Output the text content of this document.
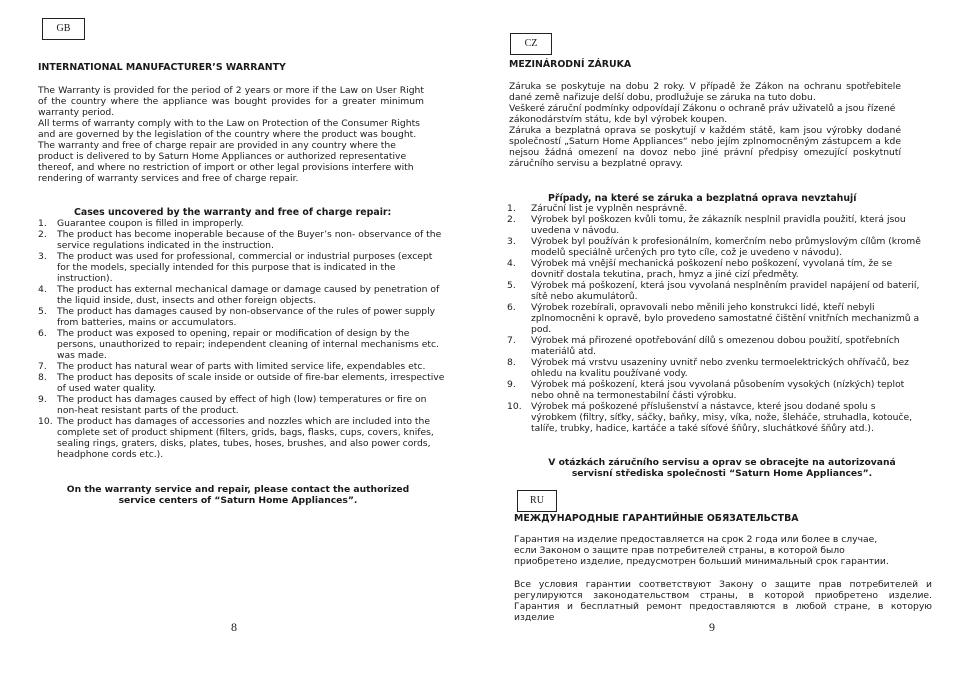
GB
INTERNATIONAL MANUFACTURER’S WARRANTY

The Warranty is provided for the period of 2 years or more if the Law on User Right of the country where the appliance was bought provides for a greater minimum warranty period.

All terms of warranty comply with to the Law on Protection of the Consumer Rights and are governed by the legislation of the country where the product was bought.

The warranty and free of charge repair are provided in any country where the product is delivered to by Saturn Home Appliances or authorized representative thereof, and where no restriction of import or other legal provisions interfere with rendering of warranty services and free of charge repair.

Cases uncovered by the warranty and free of charge repair:
1. Guarantee coupon is filled in improperly.
2. The product has become inoperable because of the Buyer’s non- observance of the service regulations indicated in the instruction.
3. The product was used for professional, commercial or industrial purposes (except for the models, specially intended for this purpose that is indicated in the instruction).
4. The product has external mechanical damage or damage caused by penetration of the liquid inside, dust, insects and other foreign objects.
5. The product has damages caused by non-observance of the rules of power supply from batteries, mains or accumulators.
6. The product was exposed to opening, repair or modification of design by the persons, unauthorized to repair; independent cleaning of internal mechanisms etc. was made.
7. The product has natural wear of parts with limited service life, expendables etc.
8. The product has deposits of scale inside or outside of fire-bar elements, irrespective of used water quality.
9. The product has damages caused by effect of high (low) temperatures or fire on non-heat resistant parts of the product.
10. The product has damages of accessories and nozzles which are included into the complete set of product shipment (filters, grids, bags, flasks, cups, covers, knifes, sealing rings, graters, disks, plates, tubes, hoses, brushes, and also power cords, headphone cords etc.).

On the warranty service and repair, please contact the authorized service centers of “Saturn Home Appliances”.

8
CZ
MEZINÁRODNÍ ZÁRUKA

Záruka se poskytuje na dobu 2 roky. V případě že Zákon na ochranu spotřebitele dané země nařizuje delší dobu, prodlužuje se záruka na tuto dobu.

Veškeré záruční podmínky odpovídají Zákonu o ochraně práv uživatelů a jsou řízené zákonodárstvím státu, kde byl výrobek koupen.

Záruka a bezplatná oprava se poskytují v každém státě, kam jsou výrobky dodané společností „Saturn Home Appliances“ nebo jejím zplnomocněným zástupcem a kde nejsou žádná omezení na dovoz nebo jiné právní předpisy omezující poskytnutí záručního servisu a bezplatné opravy.

Případy, na které se záruka a bezplatná oprava nevztahují
1. Záruční list je vyplněn nesprávně.
2. Výrobek byl poškozen kvůli tomu, že zákazník nesplnil pravidla použití, která jsou uvedena v návodu.
3. Výrobek byl používán k profesionálním, komerčním nebo průmyslovým cílům (kromě modelů speciálně určených pro tyto cíle, což je uvedeno v návodu).
4. Výrobek má vnější mechanická poškození nebo poškození, vyvolaná tím, že se dovnitř dostala tekutina, prach, hmyz a jiné cizí předměty.
5. Výrobek má poškození, která jsou vyvolaná nesplněním pravidel napájení od baterií, sítě nebo akumulátorů.
6. Výrobek rozebírali, opravovali nebo měnili jeho konstrukci lidé, kteří nebyli zplnomocněni k opravě, bylo provedeno samostatné čištění vnitřních mechanizmů a pod.
7. Výrobek má přirozené opotřebování dílů s omezenou dobou použití, spotřebních materiálů atd.
8. Výrobek má vrstvu usazeniny uvnitř nebo zvenku termoelektrických ohřívačů, bez ohledu na kvalitu používané vody.
9. Výrobek má poškození, která jsou vyvolaná působením vysokých (nízkých) teplot nebo ohně na termonestabilní části výrobku.
10. Výrobek má poškozené příslušenství a nástavce, které jsou dodané spolu s výrobkem (filtry, síťky, sáčky, baňky, misy, víka, nože, šleháče, struhadla, kotouče, talíře, trubky, hadice, kartáče a také síťové šňůry, sluchátkové šňůry atd.).

V otázkách záručního servisu a oprav se obracejte na autorizovaná servisní střediska společnosti “Saturn Home Appliances”.

RU
МЕЖДУНАРОДНЫЕ ГАРАНТИЙНЫЕ ОБЯЗАТЕЛЬСТВА

Гарантия на изделие предоставляется на срок 2 года или более в случае, если Законом о защите прав потребителей страны, в которой было приобретено изделие, предусмотрен больший минимальный срок гарантии.

Все условия гарантии соответствуют Закону о защите прав потребителей и регулируются законодательством страны, в которой приобретено изделие. Гарантия и бесплатный ремонт предоставляются в любой стране, в которую изделие

9
